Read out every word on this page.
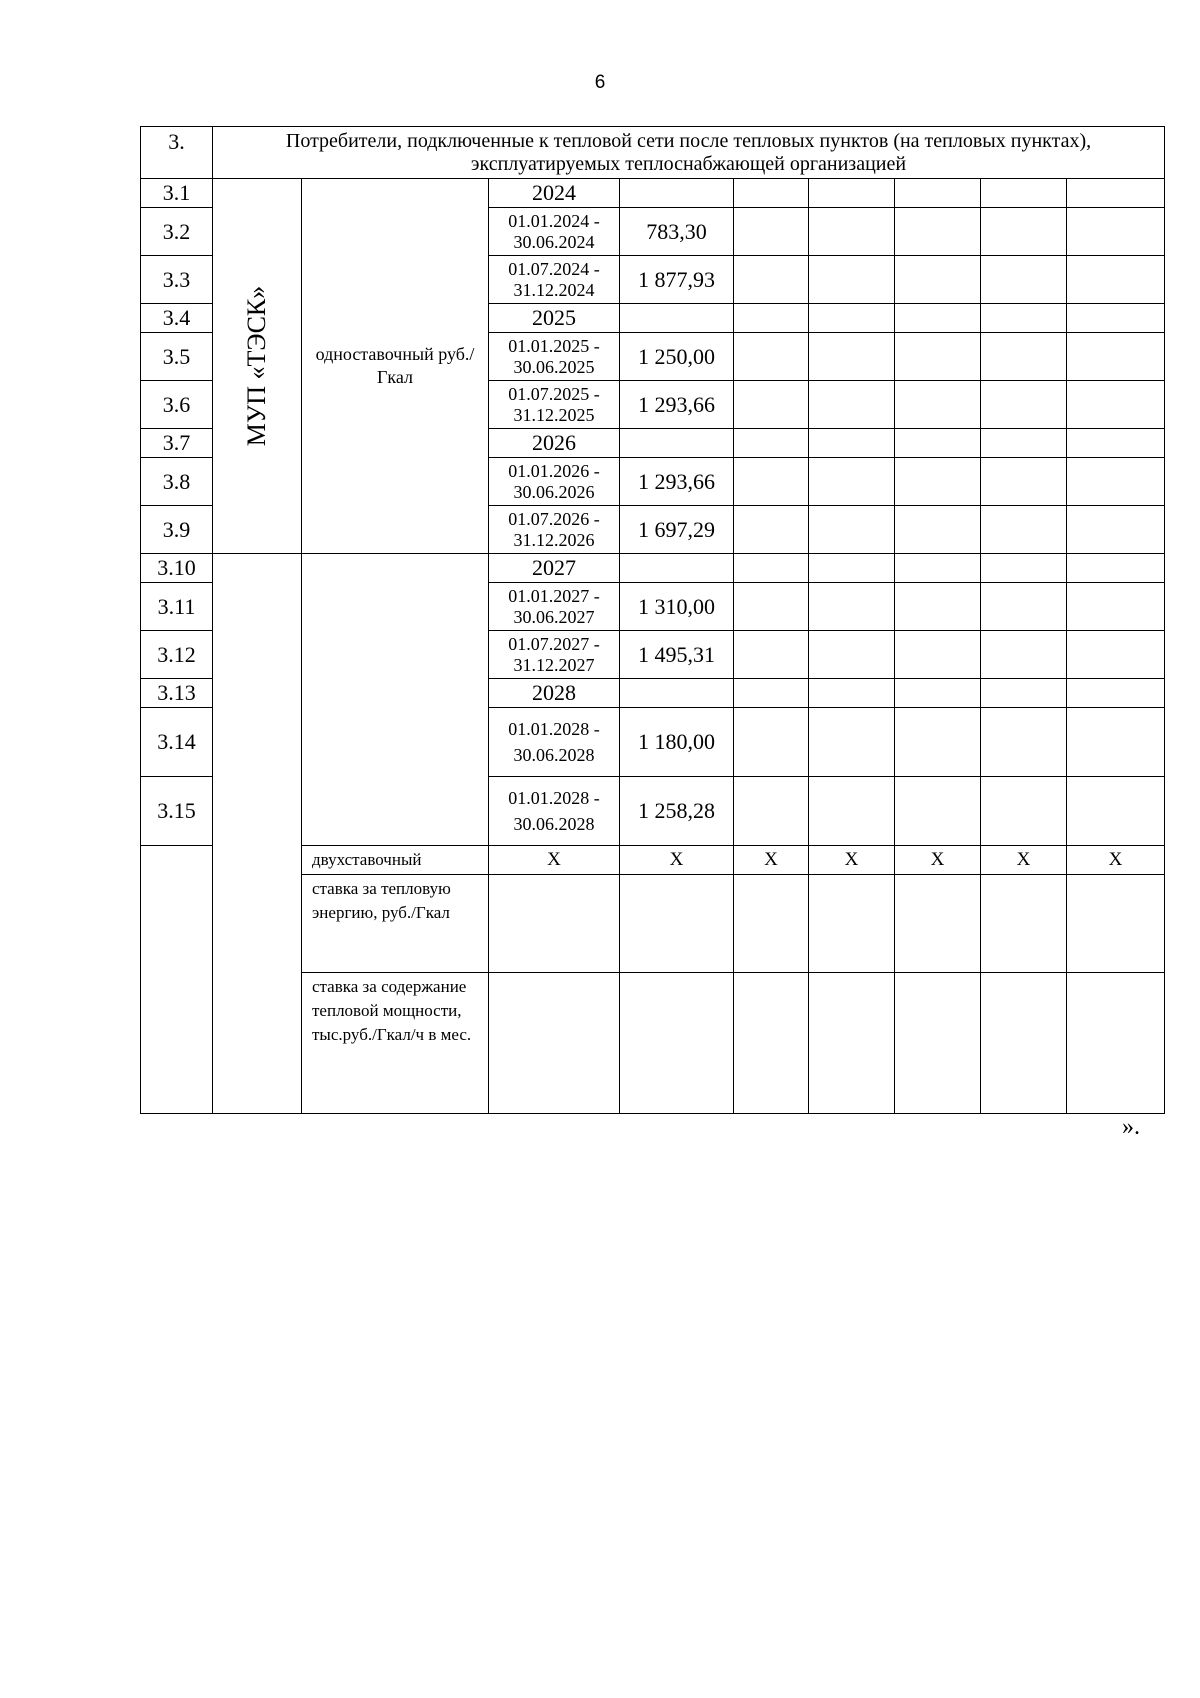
6
3.	Потребители, подключенные к тепловой сети после тепловых пунктов (на тепловых пунктах), эксплуатируемых теплоснабжающей организацией								
3.1	МУП «ТЭСК»	одноставочный руб./Гкал	2024						
3.2			01.01.2024 - 30.06.2024	783,30					
3.3			01.07.2024 - 31.12.2024	1 877,93					
3.4			2025						
3.5			01.01.2025 - 30.06.2025	1 250,00					
3.6			01.07.2025 - 31.12.2025	1 293,66					
3.7			2026						
3.8			01.01.2026 - 30.06.2026	1 293,66					
3.9			01.07.2026 - 31.12.2026	1 697,29					
3.10			2027						
3.11			01.01.2027 - 30.06.2027	1 310,00					
3.12			01.07.2027 - 31.12.2027	1 495,31					
3.13			2028						
3.14			01.01.2028 - 30.06.2028	1 180,00					
3.15			01.01.2028 - 30.06.2028	1 258,28					
		двухставочный	X	X	X	X	X	X	X
		ставка за тепловую энергию, руб./Гкал							
		ставка за содержание тепловой мощности, тыс.руб./Гкал/ч в мес.							
».
